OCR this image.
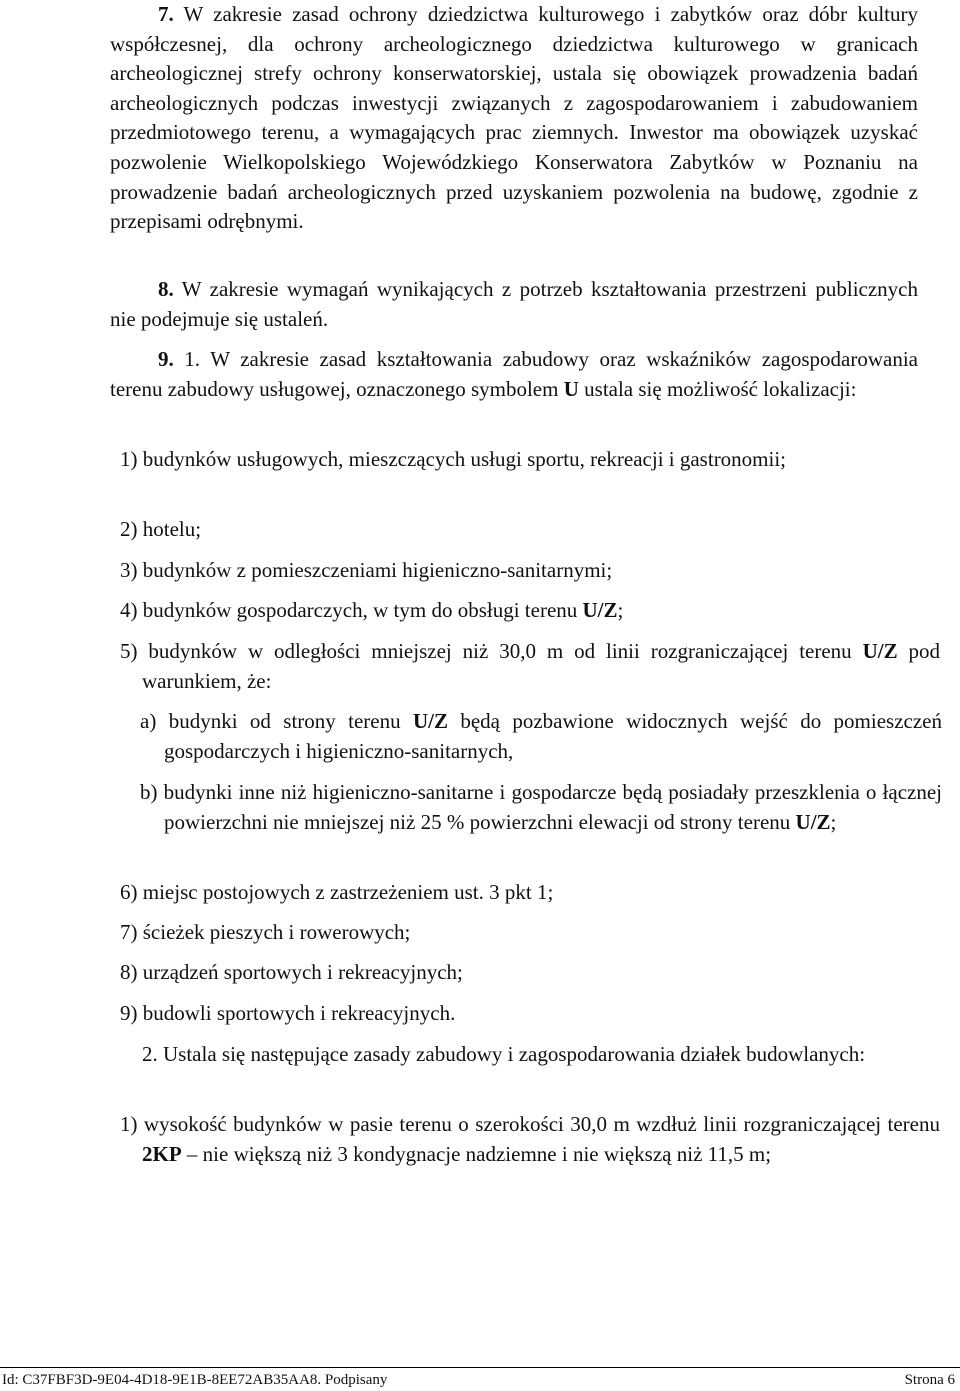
7. W zakresie zasad ochrony dziedzictwa kulturowego i zabytków oraz dóbr kultury współczesnej, dla ochrony archeologicznego dziedzictwa kulturowego w granicach archeologicznej strefy ochrony konserwatorskiej, ustala się obowiązek prowadzenia badań archeologicznych podczas inwestycji związanych z zagospodarowaniem i zabudowaniem przedmiotowego terenu, a wymagających prac ziemnych. Inwestor ma obowiązek uzyskać pozwolenie Wielkopolskiego Wojewódzkiego Konserwatora Zabytków w Poznaniu na prowadzenie badań archeologicznych przed uzyskaniem pozwolenia na budowę, zgodnie z przepisami odrębnymi.

8. W zakresie wymagań wynikających z potrzeb kształtowania przestrzeni publicznych nie podejmuje się ustaleń.

9. 1. W zakresie zasad kształtowania zabudowy oraz wskaźników zagospodarowania terenu zabudowy usługowej, oznaczonego symbolem U ustala się możliwość lokalizacji:

1) budynków usługowych, mieszczących usługi sportu, rekreacji i gastronomii;

2) hotelu;

3) budynków z pomieszczeniami higieniczno-sanitarnymi;

4) budynków gospodarczych, w tym do obsługi terenu U/Z;

5) budynków w odległości mniejszej niż 30,0 m od linii rozgraniczającej terenu U/Z pod warunkiem, że:

a) budynki od strony terenu U/Z będą pozbawione widocznych wejść do pomieszczeń gospodarczych i higieniczno-sanitarnych,

b) budynki inne niż higieniczno-sanitarne i gospodarcze będą posiadały przeszklenia o łącznej powierzchni nie mniejszej niż 25 % powierzchni elewacji od strony terenu U/Z;

6) miejsc postojowych z zastrzeżeniem ust. 3 pkt 1;

7) ścieżek pieszych i rowerowych;

8) urządzeń sportowych i rekreacyjnych;

9) budowli sportowych i rekreacyjnych.

2. Ustala się następujące zasady zabudowy i zagospodarowania działek budowlanych:

1) wysokość budynków w pasie terenu o szerokości 30,0 m wzdłuż linii rozgraniczającej terenu 2KP – nie większą niż 3 kondygnacje nadziemne i nie większą niż 11,5 m;

Id: C37FBF3D-9E04-4D18-9E1B-8EE72AB35AA8. Podpisany	Strona 6
